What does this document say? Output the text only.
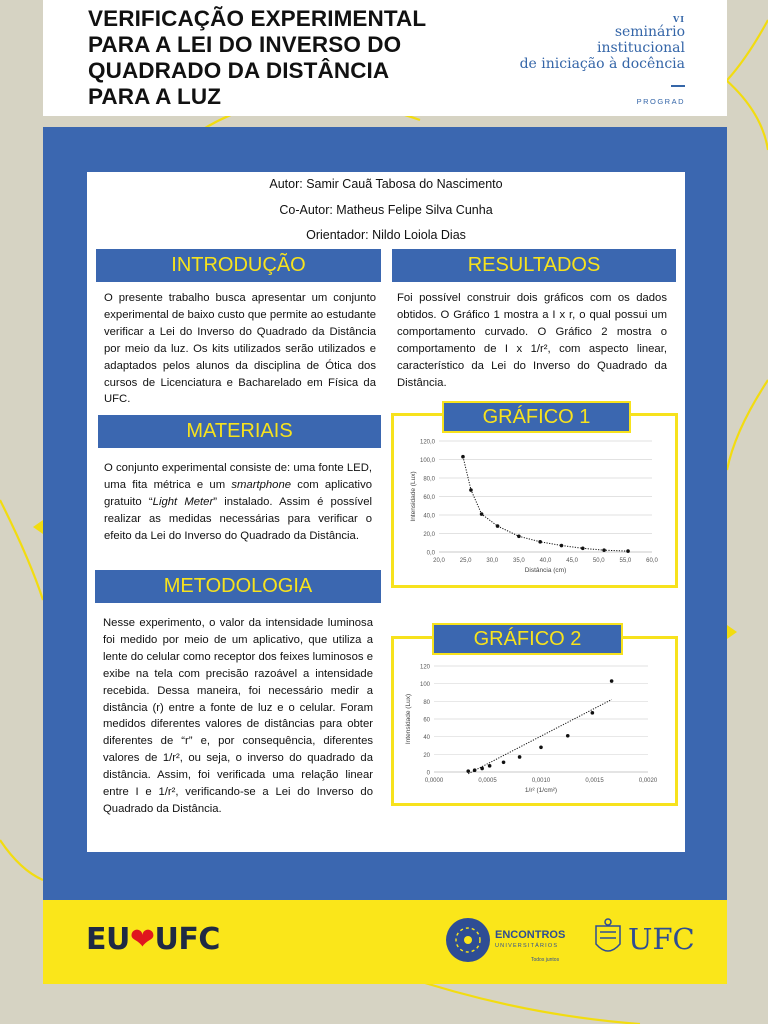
VERIFICAÇÃO EXPERIMENTAL
PARA A LEI DO INVERSO DO
QUADRADO DA DISTÂNCIA
PARA A LUZ
VI
seminário
institucional
de iniciação à docência
PROGRAD
Autor: Samir Cauã Tabosa do Nascimento
Co-Autor: Matheus Felipe Silva Cunha
Orientador: Nildo Loiola Dias
INTRODUÇÃO
O presente trabalho busca apresentar um conjunto experimental de baixo custo que permite ao estudante verificar a Lei do Inverso do Quadrado da Distância por meio da luz. Os kits utilizados serão utilizados e adaptados pelos alunos da disciplina de Ótica dos cursos de Licenciatura e Bacharelado em Física da UFC.
MATERIAIS
O conjunto experimental consiste de: uma fonte LED, uma fita métrica e um smartphone com aplicativo gratuito “Light Meter” instalado. Assim é possível realizar as medidas necessárias para verificar o efeito da Lei do Inverso do Quadrado da Distância.
METODOLOGIA
Nesse experimento, o valor da intensidade luminosa foi medido por meio de um aplicativo, que utiliza a lente do celular como receptor dos feixes luminosos e exibe na tela com precisão razoável a intensidade recebida. Dessa maneira, foi necessário medir a distância (r) entre a fonte de luz e o celular. Foram medidos diferentes valores de distâncias para obter diferentes de “r” e, por consequência, diferentes valores de 1/r², ou seja, o inverso do quadrado da distância. Assim, foi verificada uma relação linear entre I e 1/r², verificando-se a Lei do Inverso do Quadrado da Distância.
RESULTADOS
Foi possível construir dois gráficos com os dados obtidos. O Gráfico 1 mostra a I x r, o qual possui um comportamento curvado. O Gráfico 2 mostra o comportamento de I x 1/r², com aspecto linear, característico da Lei do Inverso do Quadrado da Distância.
0,0
20,0
40,0
60,0
80,0
100,0
120,0
20,0 25,0 30,0 35,0 40,0 45,0 50,0 55,0 60,0
Distância (cm)
Intensidade (Lux)
GRÁFICO 1
0
20
40
60
80
100
120
0,0000	0,0005	0,0010	0,0015	0,0020
1/r² (1/cm²)
Intensidade (Lux)
GRÁFICO 2
EU❤UFC	ENCONTROS
UNIVERSITÁRIOS
Todos juntos
UFC
